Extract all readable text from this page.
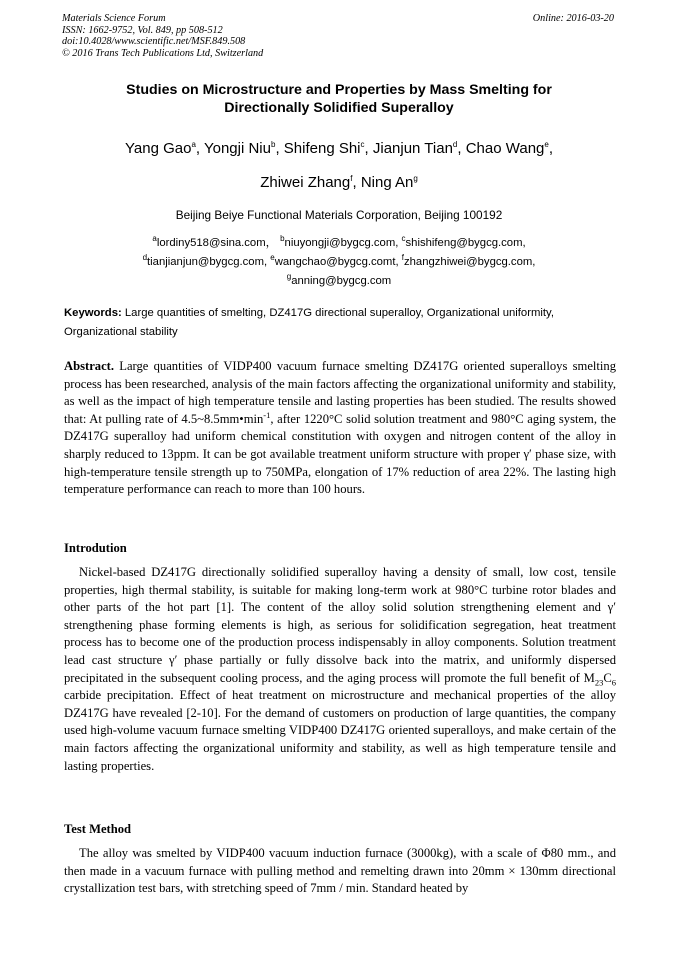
Materials Science Forum
ISSN: 1662-9752, Vol. 849, pp 508-512
doi:10.4028/www.scientific.net/MSF.849.508
© 2016 Trans Tech Publications Ltd, Switzerland
Online: 2016-03-20
Studies on Microstructure and Properties by Mass Smelting for
Directionally Solidified Superalloy
Yang Gao$^a$, Yongji Niu$^b$, Shifeng Shi$^c$, Jianjun Tian$^d$, Chao Wang$^e$,
Zhiwei Zhang$^f$, Ning An$^g$
Beijing Beiye Functional Materials Corporation, Beijing 100192
$^a$lordiny518@sina.com， $^b$niuyongji@bygcg.com, $^c$shishifeng@bygcg.com,
$^d$tianjianjun@bygcg.com, $^e$wangchao@bygcg.comt, $^f$zhangzhiwei@bygcg.com,
$^g$anning@bygcg.com
Keywords: Large quantities of smelting, DZ417G directional superalloy, Organizational uniformity, Organizational stability
Abstract. Large quantities of VIDP400 vacuum furnace smelting DZ417G oriented superalloys smelting process has been researched, analysis of the main factors affecting the organizational uniformity and stability, as well as the impact of high temperature tensile and lasting properties has been studied. The results showed that: At pulling rate of $4.5\sim 8.5mm•\min^{-1}$, after 1220°C solid solution treatment and 980°C aging system, the DZ417G superalloy had uniform chemical constitution with oxygen and nitrogen content of the alloy in sharply reduced to 13ppm. It can be got available treatment uniform structure with proper γ′ phase size, with high-temperature tensile strength up to 750MPa, elongation of 17% reduction of area 22%. The lasting high temperature performance can reach to more than 100 hours.
Introdution
Nickel-based DZ417G directionally solidified superalloy having a density of small, low cost, tensile properties, high thermal stability, is suitable for making long-term work at 980°C turbine rotor blades and other parts of the hot part [1]. The content of the alloy solid solution strengthening element and γ′ strengthening phase forming elements is high, as serious for solidification segregation, heat treatment process has to become one of the production process indispensably in alloy components. Solution treatment lead cast structure γ′ phase partially or fully dissolve back into the matrix, and uniformly dispersed precipitated in the subsequent cooling process, and the aging process will promote the full benefit of $M_{23}C_6$ carbide precipitation. Effect of heat treatment on microstructure and mechanical properties of the alloy DZ417G have revealed [2-10]. For the demand of customers on production of large quantities, the company used high-volume vacuum furnace smelting VIDP400 DZ417G oriented superalloys, and make certain of the main factors affecting the organizational uniformity and stability, as well as high temperature tensile and lasting properties.
Test Method
The alloy was smelted by VIDP400 vacuum induction furnace (3000kg), with a scale of Φ80 mm., and then made in a vacuum furnace with pulling method and remelting drawn into 20mm × 130mm directional crystallization test bars, with stretching speed of 7mm / min. Standard heated by
